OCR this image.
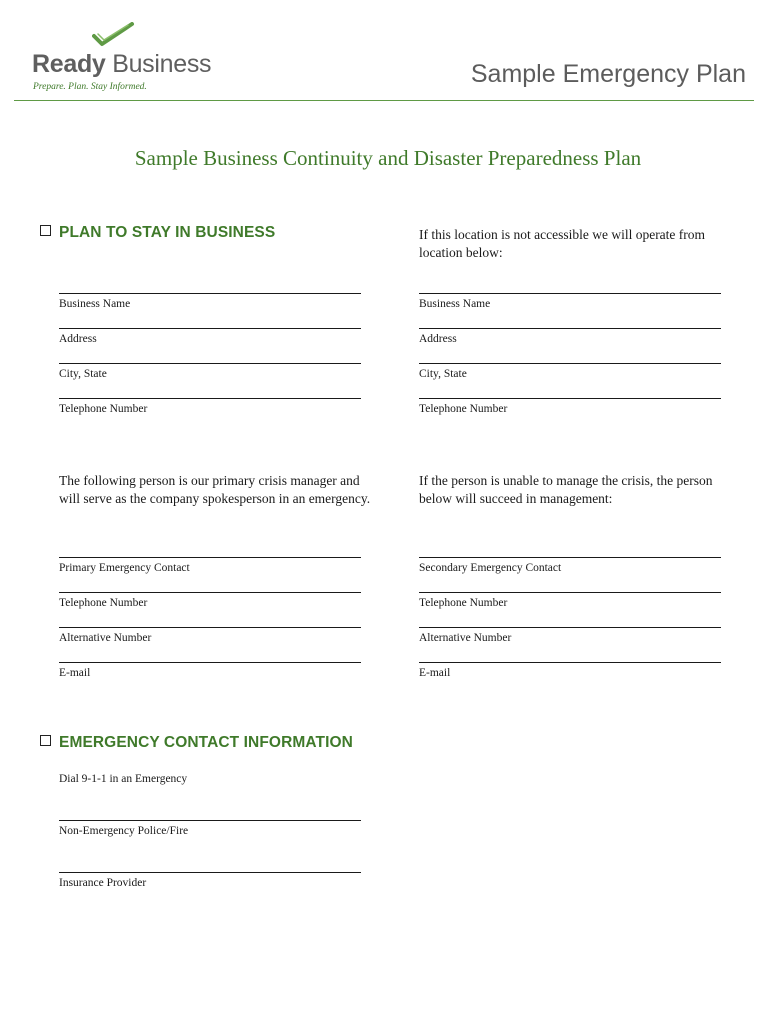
Ready Business
Prepare. Plan. Stay Informed.	Sample Emergency Plan
Sample Business Continuity and Disaster Preparedness Plan
PLAN TO STAY IN BUSINESS	If this location is not accessible we will operate from location below:
Business Name
Address
City, State
Telephone Number
Business Name
Address
City, State
Telephone Number
The following person is our primary crisis manager and will serve as the company spokesperson in an emergency.
If the person is unable to manage the crisis, the person below will succeed in management:
Primary Emergency Contact
Telephone Number
Alternative Number
E-mail
Secondary Emergency Contact
Telephone Number
Alternative Number
E-mail
EMERGENCY CONTACT INFORMATION
Dial 9-1-1 in an Emergency
Non-Emergency Police/Fire
Insurance Provider
